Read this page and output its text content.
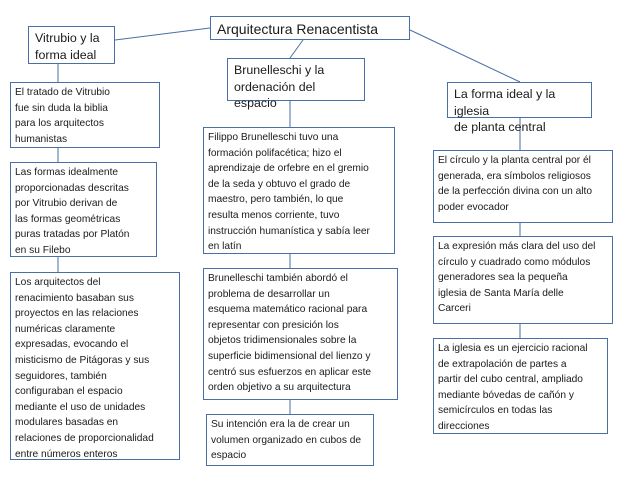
Arquitectura Renacentista
Vitrubio y la
forma ideal
El tratado de Vitrubio
fue sin duda la biblia
para los arquitectos
humanistas
Las formas idealmente
proporcionadas descritas
por Vitrubio derivan de
las formas geométricas
puras tratadas por Platón
en su Filebo
Los arquitectos del
renacimiento basaban sus
proyectos en las relaciones
numéricas claramente
expresadas, evocando el
misticismo de Pitágoras y sus
seguidores, también
configuraban el espacio
mediante el uso de unidades
modulares basadas en
relaciones de proporcionalidad
entre números enteros
Brunelleschi y la
ordenación del espacio
Filippo Brunelleschi tuvo una
formación polifacética; hizo el
aprendizaje de orfebre en el gremio
de la seda y obtuvo el grado de
maestro, pero también, lo que
resulta menos corriente, tuvo
instrucción humanística y sabía leer
en latín
Brunelleschi también abordó el
problema de desarrollar un
esquema matemático racional para
representar con presición los
objetos tridimensionales sobre la
superficie bidimensional del lienzo y
centró sus esfuerzos en aplicar este
orden objetivo a su arquitectura
Su intención era la de crear un
volumen organizado en cubos de
espacio
La forma ideal y la iglesia
de planta central
El círculo y la planta central por él
generada, era símbolos religiosos
de la perfección divina con un alto
poder evocador
La expresión más clara del uso del
círculo y cuadrado como módulos
generadores sea la pequeña
iglesia de Santa María delle
Carceri
La iglesia es un ejercicio racional
de extrapolación de partes a
partir del cubo central, ampliado
mediante bóvedas de cañón y
semicírculos en todas las
direcciones
